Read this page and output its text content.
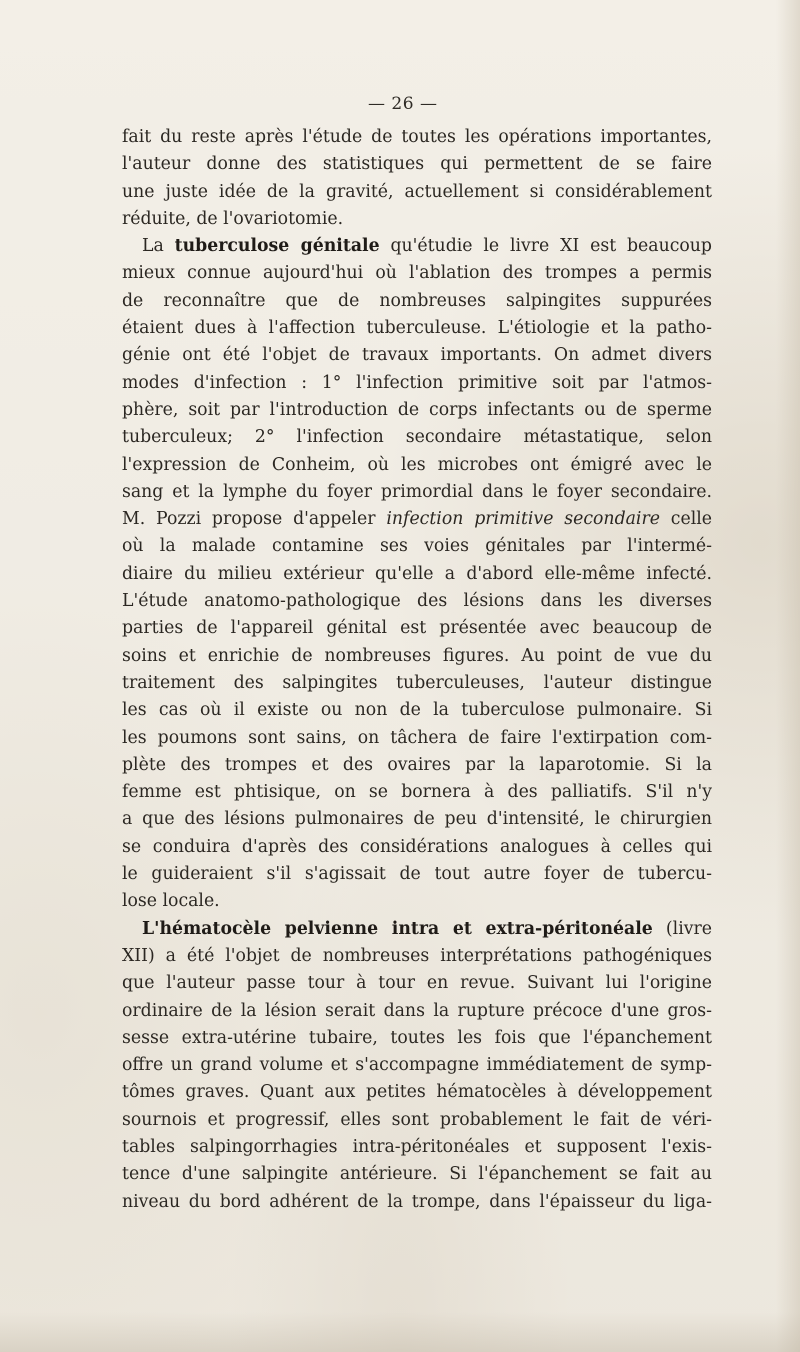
— 26 —
fait du reste après l'étude de toutes les opérations importantes,
l'auteur donne des statistiques qui permettent de se faire
une juste idée de la gravité, actuellement si considérablement
réduite, de l'ovariotomie.
La tuberculose génitale qu'étudie le livre XI est beaucoup
mieux connue aujourd'hui où l'ablation des trompes a permis
de reconnaître que de nombreuses salpingites suppurées
étaient dues à l'affection tuberculeuse. L'étiologie et la patho-
génie ont été l'objet de travaux importants. On admet divers
modes d'infection : 1° l'infection primitive soit par l'atmos-
phère, soit par l'introduction de corps infectants ou de sperme
tuberculeux; 2° l'infection secondaire métastatique, selon
l'expression de Conheim, où les microbes ont émigré avec le
sang et la lymphe du foyer primordial dans le foyer secondaire.
M. Pozzi propose d'appeler infection primitive secondaire celle
où la malade contamine ses voies génitales par l'intermé-
diaire du milieu extérieur qu'elle a d'abord elle-même infecté.
L'étude anatomo-pathologique des lésions dans les diverses
parties de l'appareil génital est présentée avec beaucoup de
soins et enrichie de nombreuses figures. Au point de vue du
traitement des salpingites tuberculeuses, l'auteur distingue
les cas où il existe ou non de la tuberculose pulmonaire. Si
les poumons sont sains, on tâchera de faire l'extirpation com-
plète des trompes et des ovaires par la laparotomie. Si la
femme est phtisique, on se bornera à des palliatifs. S'il n'y
a que des lésions pulmonaires de peu d'intensité, le chirurgien
se conduira d'après des considérations analogues à celles qui
le guideraient s'il s'agissait de tout autre foyer de tubercu-
lose locale.
L'hématocèle pelvienne intra et extra-péritonéale (livre
XII) a été l'objet de nombreuses interprétations pathogéniques
que l'auteur passe tour à tour en revue. Suivant lui l'origine
ordinaire de la lésion serait dans la rupture précoce d'une gros-
sesse extra-utérine tubaire, toutes les fois que l'épanchement
offre un grand volume et s'accompagne immédiatement de symp-
tômes graves. Quant aux petites hématocèles à développement
sournois et progressif, elles sont probablement le fait de véri-
tables salpingorrhagies intra-péritonéales et supposent l'exis-
tence d'une salpingite antérieure. Si l'épanchement se fait au
niveau du bord adhérent de la trompe, dans l'épaisseur du liga-
